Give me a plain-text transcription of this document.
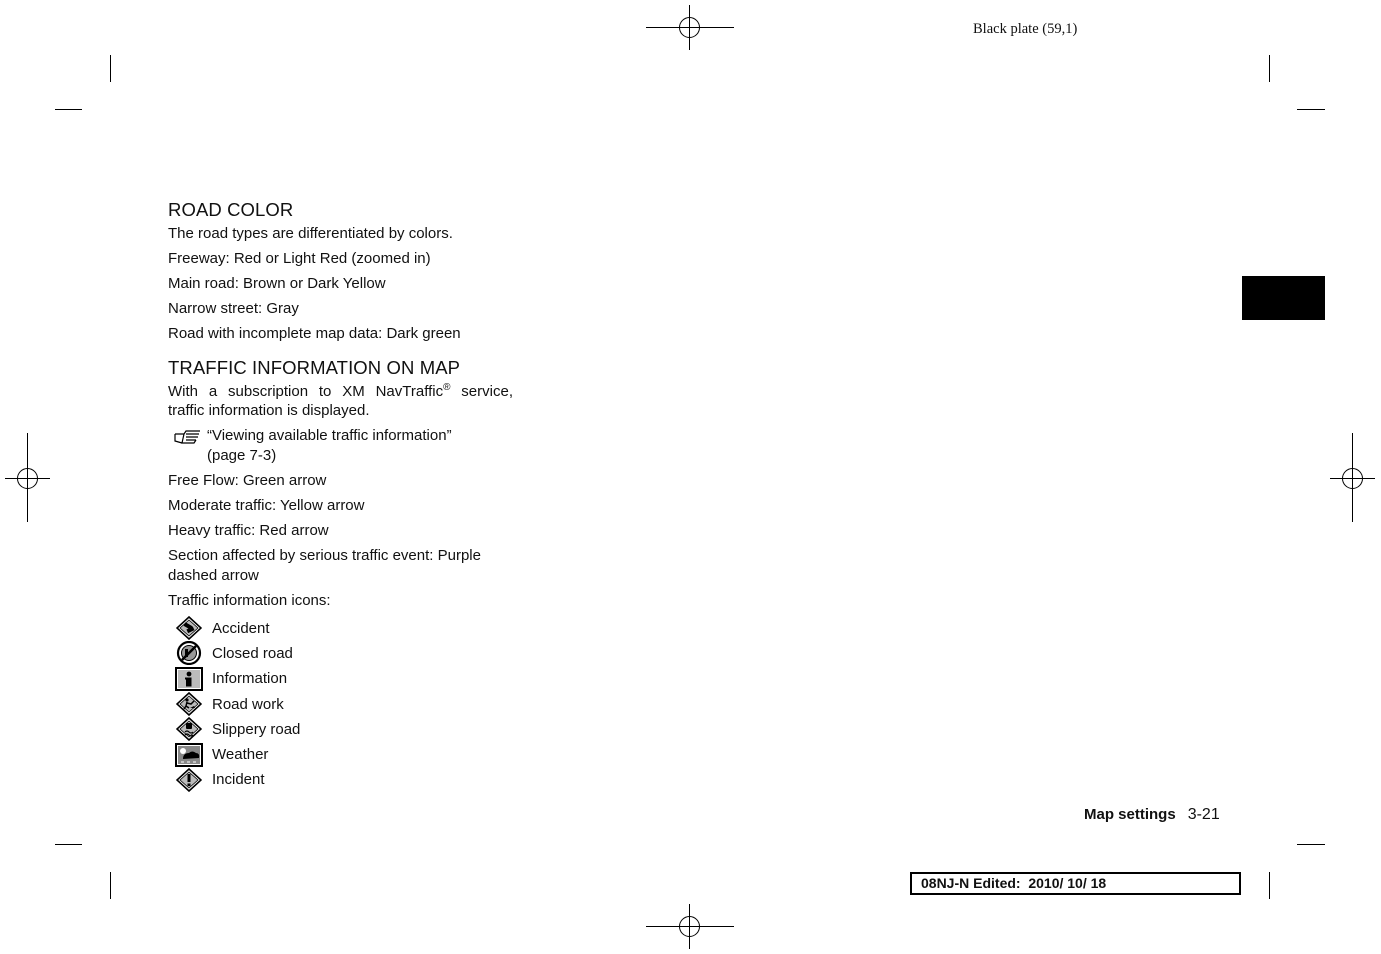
Black plate (59,1)
ROAD COLOR
The road types are differentiated by colors.
Freeway: Red or Light Red (zoomed in)
Main road: Brown or Dark Yellow
Narrow street: Gray
Road with incomplete map data: Dark green
TRAFFIC INFORMATION ON MAP
With a subscription to XM NavTraffic® service, traffic information is displayed.
“Viewing available traffic information”
(page 7-3)
Free Flow: Green arrow
Moderate traffic: Yellow arrow
Heavy traffic: Red arrow
Section affected by serious traffic event: Purple dashed arrow
Traffic information icons:
Accident
Closed road
Information
Road work
Slippery road
Weather
Incident
Map settings 3-21
08NJ-N Edited:  2010/ 10/ 18
